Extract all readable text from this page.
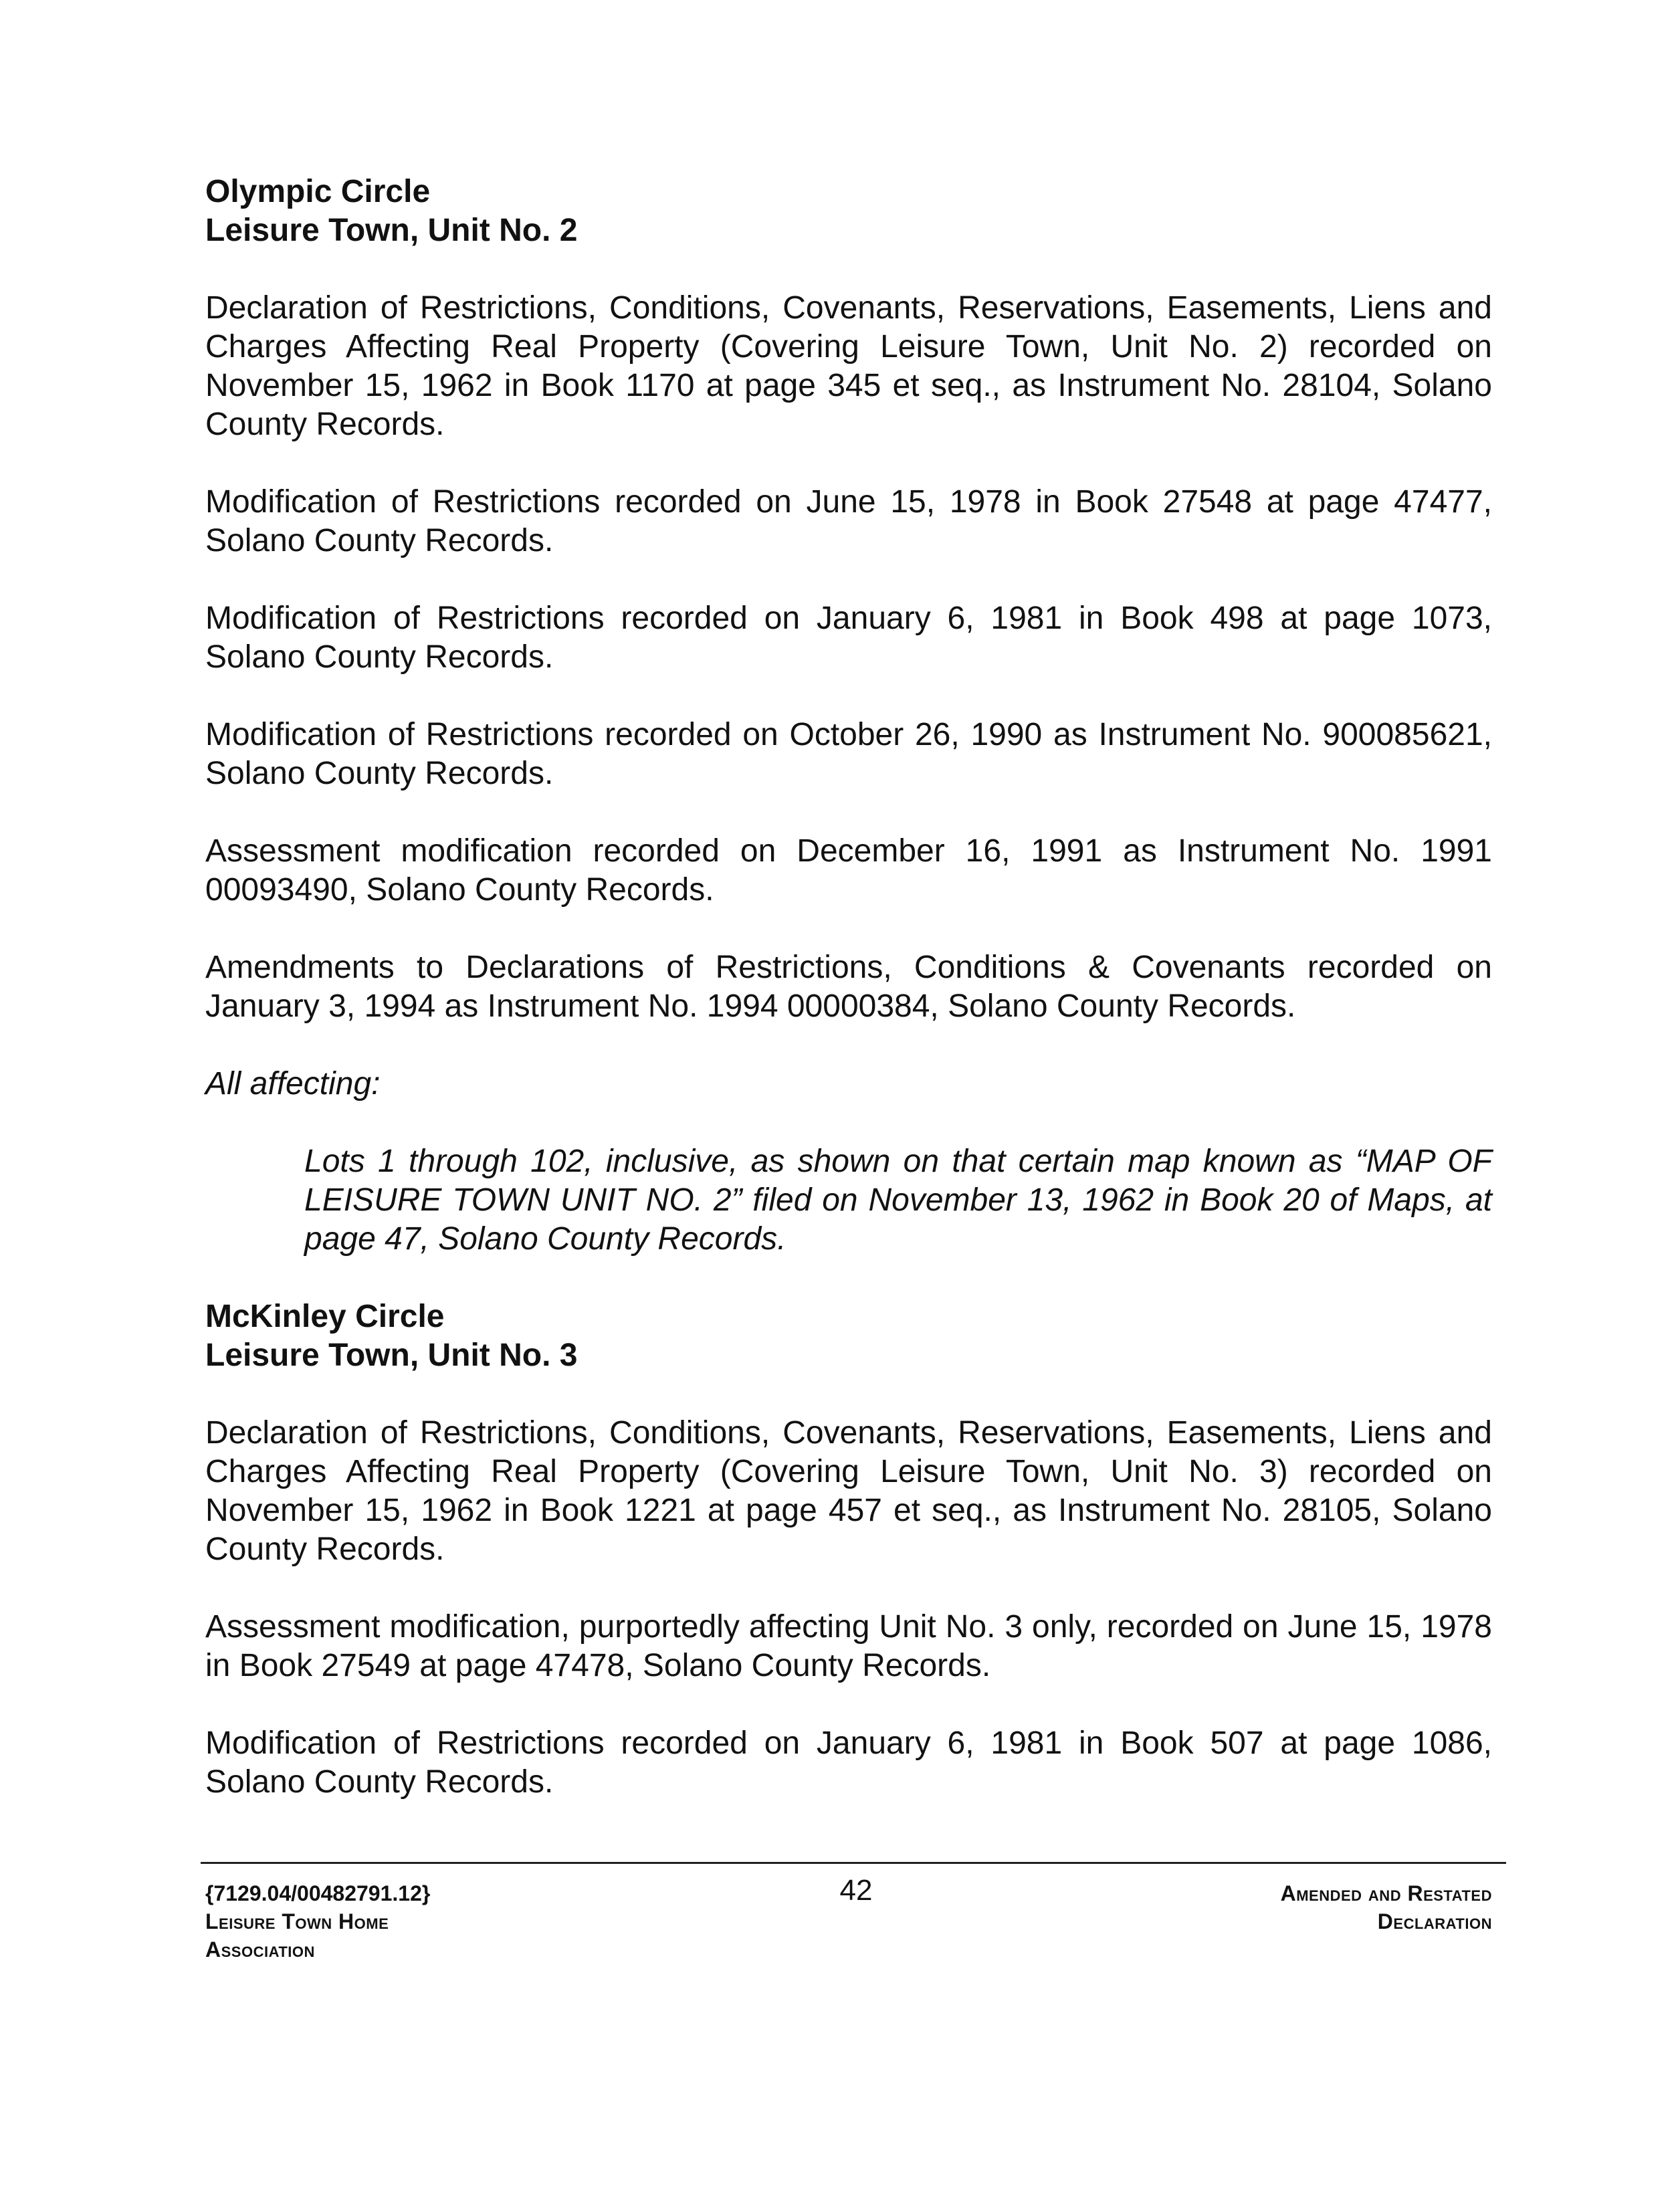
Olympic Circle

Leisure Town, Unit No. 2

Declaration of Restrictions, Conditions, Covenants, Reservations, Easements, Liens and Charges Affecting Real Property (Covering Leisure Town, Unit No. 2) recorded on November 15, 1962 in Book 1170 at page 345 et seq., as Instrument No. 28104, Solano County Records.

Modification of Restrictions recorded on June 15, 1978 in Book 27548 at page 47477, Solano County Records.

Modification of Restrictions recorded on January 6, 1981 in Book 498 at page 1073, Solano County Records.

Modification of Restrictions recorded on October 26, 1990 as Instrument No. 900085621, Solano County Records.

Assessment modification recorded on December 16, 1991 as Instrument No. 1991 00093490, Solano County Records.

Amendments to Declarations of Restrictions, Conditions & Covenants recorded on January 3, 1994 as Instrument No. 1994 00000384, Solano County Records.

All affecting:

Lots 1 through 102, inclusive, as shown on that certain map known as “MAP OF LEISURE TOWN UNIT NO. 2” filed on November 13, 1962 in Book 20 of Maps, at page 47, Solano County Records.

McKinley Circle

Leisure Town, Unit No. 3

Declaration of Restrictions, Conditions, Covenants, Reservations, Easements, Liens and Charges Affecting Real Property (Covering Leisure Town, Unit No. 3) recorded on November 15, 1962 in Book 1221 at page 457 et seq., as Instrument No. 28105, Solano County Records.

Assessment modification, purportedly affecting Unit No. 3 only, recorded on June 15, 1978 in Book 27549 at page 47478, Solano County Records.

Modification of Restrictions recorded on January 6, 1981 in Book 507 at page 1086, Solano County Records.

{7129.04/00482791.12}
Leisure Town Home
Association
42	Amended and Restated
Declaration
